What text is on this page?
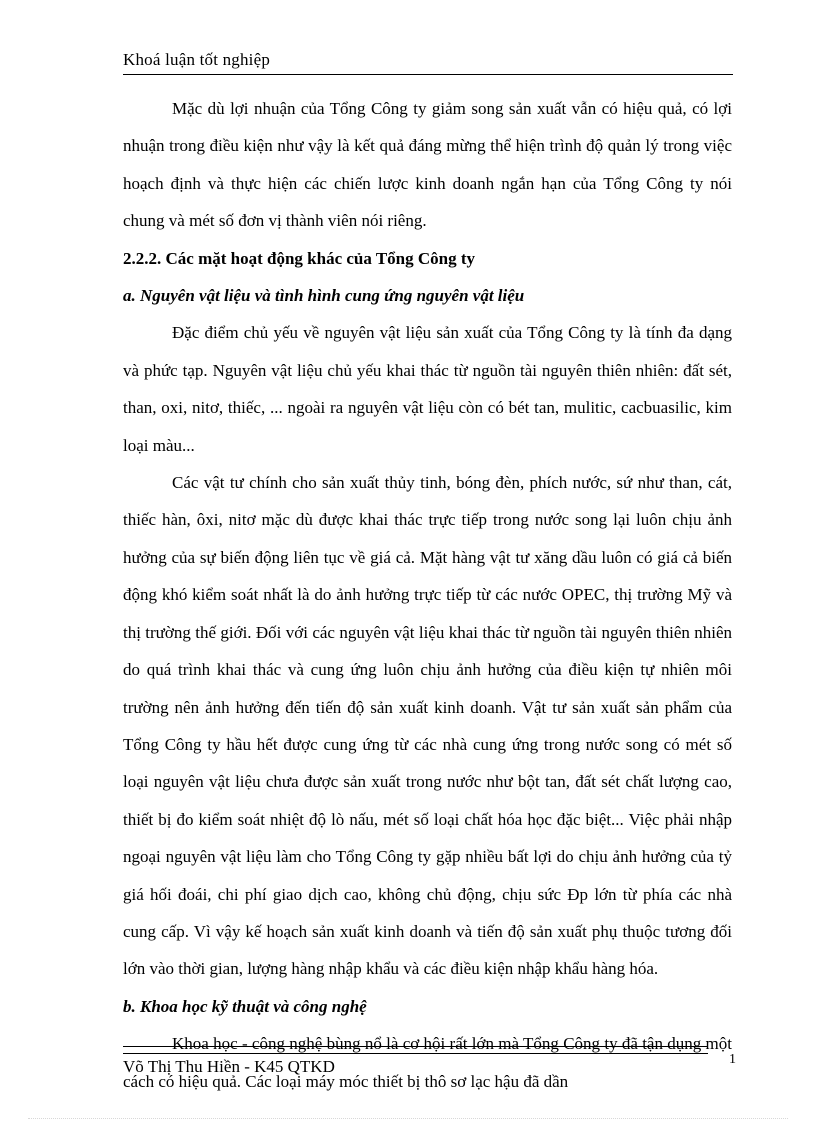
Khoá luận tốt nghiệp

Mặc dù lợi nhuận của Tổng Công ty giảm song sản xuất vẫn có hiệu quả, có lợi nhuận trong điều kiện như vậy là kết quả đáng mừng thể hiện trình độ quản lý trong việc hoạch định và thực hiện các chiến lược kinh doanh ngắn hạn của Tổng Công ty nói chung và mét số đơn vị thành viên nói riêng.

2.2.2. Các mặt hoạt động khác của Tổng Công ty

a. Nguyên vật liệu và tình hình cung ứng nguyên vật liệu

Đặc điểm chủ yếu về nguyên vật liệu sản xuất của Tổng Công ty là tính đa dạng và phức tạp. Nguyên vật liệu chủ yếu khai thác từ nguồn tài nguyên thiên nhiên: đất sét, than, oxi, nitơ, thiếc, ... ngoài ra nguyên vật liệu còn có bét tan, mulitic, cacbuasilic, kim loại màu...

Các vật tư chính cho sản xuất thủy tinh, bóng đèn, phích nước, sứ như than, cát, thiếc hàn, ôxi, nitơ mặc dù được khai thác trực tiếp trong nước song lại luôn chịu ảnh hưởng của sự biến động liên tục về giá cả. Mặt hàng vật tư xăng dầu luôn có giá cả biến động khó kiểm soát nhất là do ảnh hưởng trực tiếp từ các nước OPEC, thị trường Mỹ và thị trường thế giới. Đối với các nguyên vật liệu khai thác từ nguồn tài nguyên thiên nhiên do quá trình khai thác và cung ứng luôn chịu ảnh hưởng của điều kiện tự nhiên môi trường nên ảnh hưởng đến tiến độ sản xuất kinh doanh. Vật tư sản xuất sản phẩm của Tổng Công ty hầu hết được cung ứng từ các nhà cung ứng trong nước song có mét số loại nguyên vật liệu chưa được sản xuất trong nước như bột tan, đất sét chất lượng cao, thiết bị đo kiểm soát nhiệt độ lò nấu, mét số loại chất hóa học đặc biệt... Việc phải nhập ngoại nguyên vật liệu làm cho Tổng Công ty gặp nhiều bất lợi do chịu ảnh hưởng của tỷ giá hối đoái, chi phí giao dịch cao, không chủ động, chịu sức Ðp lớn từ phía các nhà cung cấp. Vì vậy kế hoạch sản xuất kinh doanh và tiến độ sản xuất phụ thuộc tương đối lớn vào thời gian, lượng hàng nhập khẩu và các điều kiện nhập khẩu hàng hóa.

b. Khoa học kỹ thuật và công nghệ

Khoa học - công nghệ bùng nổ là cơ hội rất lớn mà Tổng Công ty đã tận dụng một cách có hiệu quả. Các loại máy móc thiết bị thô sơ lạc hậu đã dần

Võ Thị Thu Hiền - K45 QTKD	1
